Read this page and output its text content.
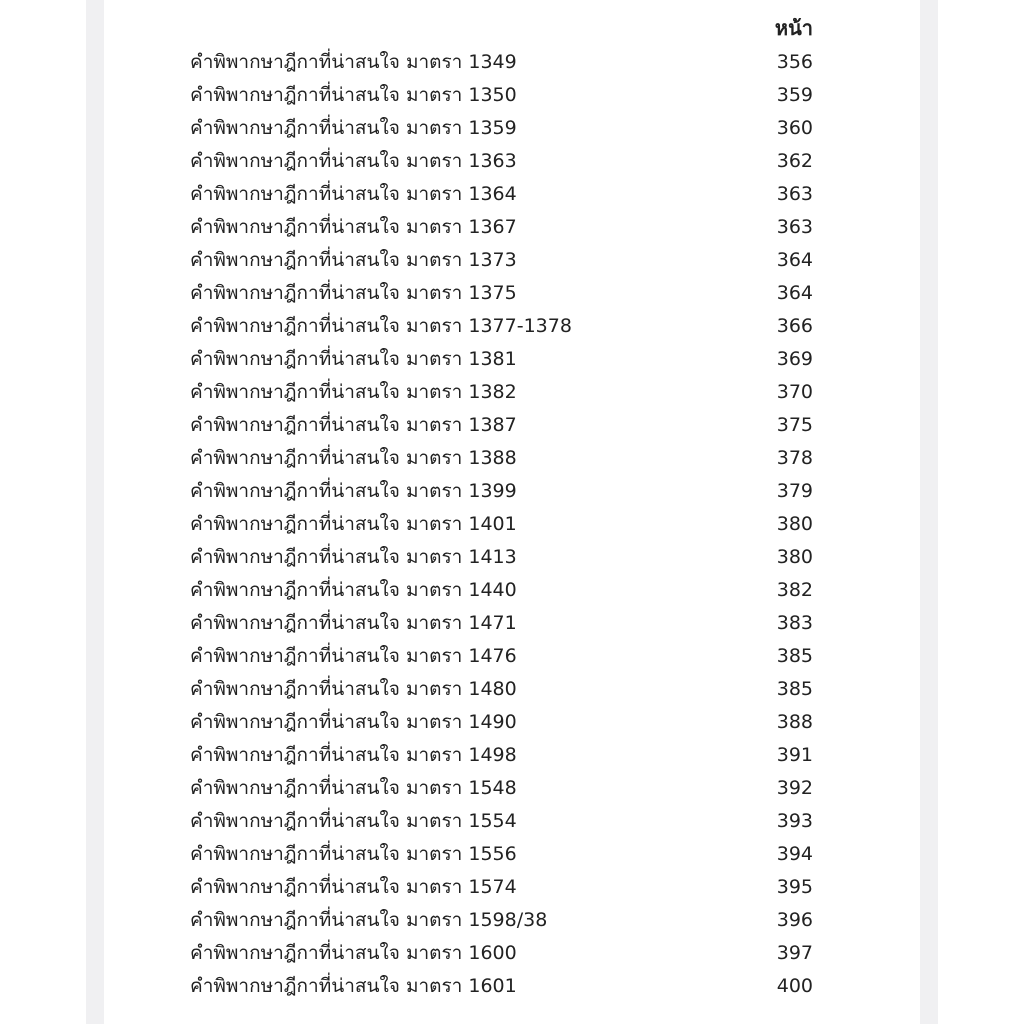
หน้า
คำพิพากษาฎีกาที่น่าสนใจ มาตรา 1349	356
คำพิพากษาฎีกาที่น่าสนใจ มาตรา 1350	359
คำพิพากษาฎีกาที่น่าสนใจ มาตรา 1359	360
คำพิพากษาฎีกาที่น่าสนใจ มาตรา 1363	362
คำพิพากษาฎีกาที่น่าสนใจ มาตรา 1364	363
คำพิพากษาฎีกาที่น่าสนใจ มาตรา 1367	363
คำพิพากษาฎีกาที่น่าสนใจ มาตรา 1373	364
คำพิพากษาฎีกาที่น่าสนใจ มาตรา 1375	364
คำพิพากษาฎีกาที่น่าสนใจ มาตรา 1377-1378	366
คำพิพากษาฎีกาที่น่าสนใจ มาตรา 1381	369
คำพิพากษาฎีกาที่น่าสนใจ มาตรา 1382	370
คำพิพากษาฎีกาที่น่าสนใจ มาตรา 1387	375
คำพิพากษาฎีกาที่น่าสนใจ มาตรา 1388	378
คำพิพากษาฎีกาที่น่าสนใจ มาตรา 1399	379
คำพิพากษาฎีกาที่น่าสนใจ มาตรา 1401	380
คำพิพากษาฎีกาที่น่าสนใจ มาตรา 1413	380
คำพิพากษาฎีกาที่น่าสนใจ มาตรา 1440	382
คำพิพากษาฎีกาที่น่าสนใจ มาตรา 1471	383
คำพิพากษาฎีกาที่น่าสนใจ มาตรา 1476	385
คำพิพากษาฎีกาที่น่าสนใจ มาตรา 1480	385
คำพิพากษาฎีกาที่น่าสนใจ มาตรา 1490	388
คำพิพากษาฎีกาที่น่าสนใจ มาตรา 1498	391
คำพิพากษาฎีกาที่น่าสนใจ มาตรา 1548	392
คำพิพากษาฎีกาที่น่าสนใจ มาตรา 1554	393
คำพิพากษาฎีกาที่น่าสนใจ มาตรา 1556	394
คำพิพากษาฎีกาที่น่าสนใจ มาตรา 1574	395
คำพิพากษาฎีกาที่น่าสนใจ มาตรา 1598/38	396
คำพิพากษาฎีกาที่น่าสนใจ มาตรา 1600	397
คำพิพากษาฎีกาที่น่าสนใจ มาตรา 1601	400
